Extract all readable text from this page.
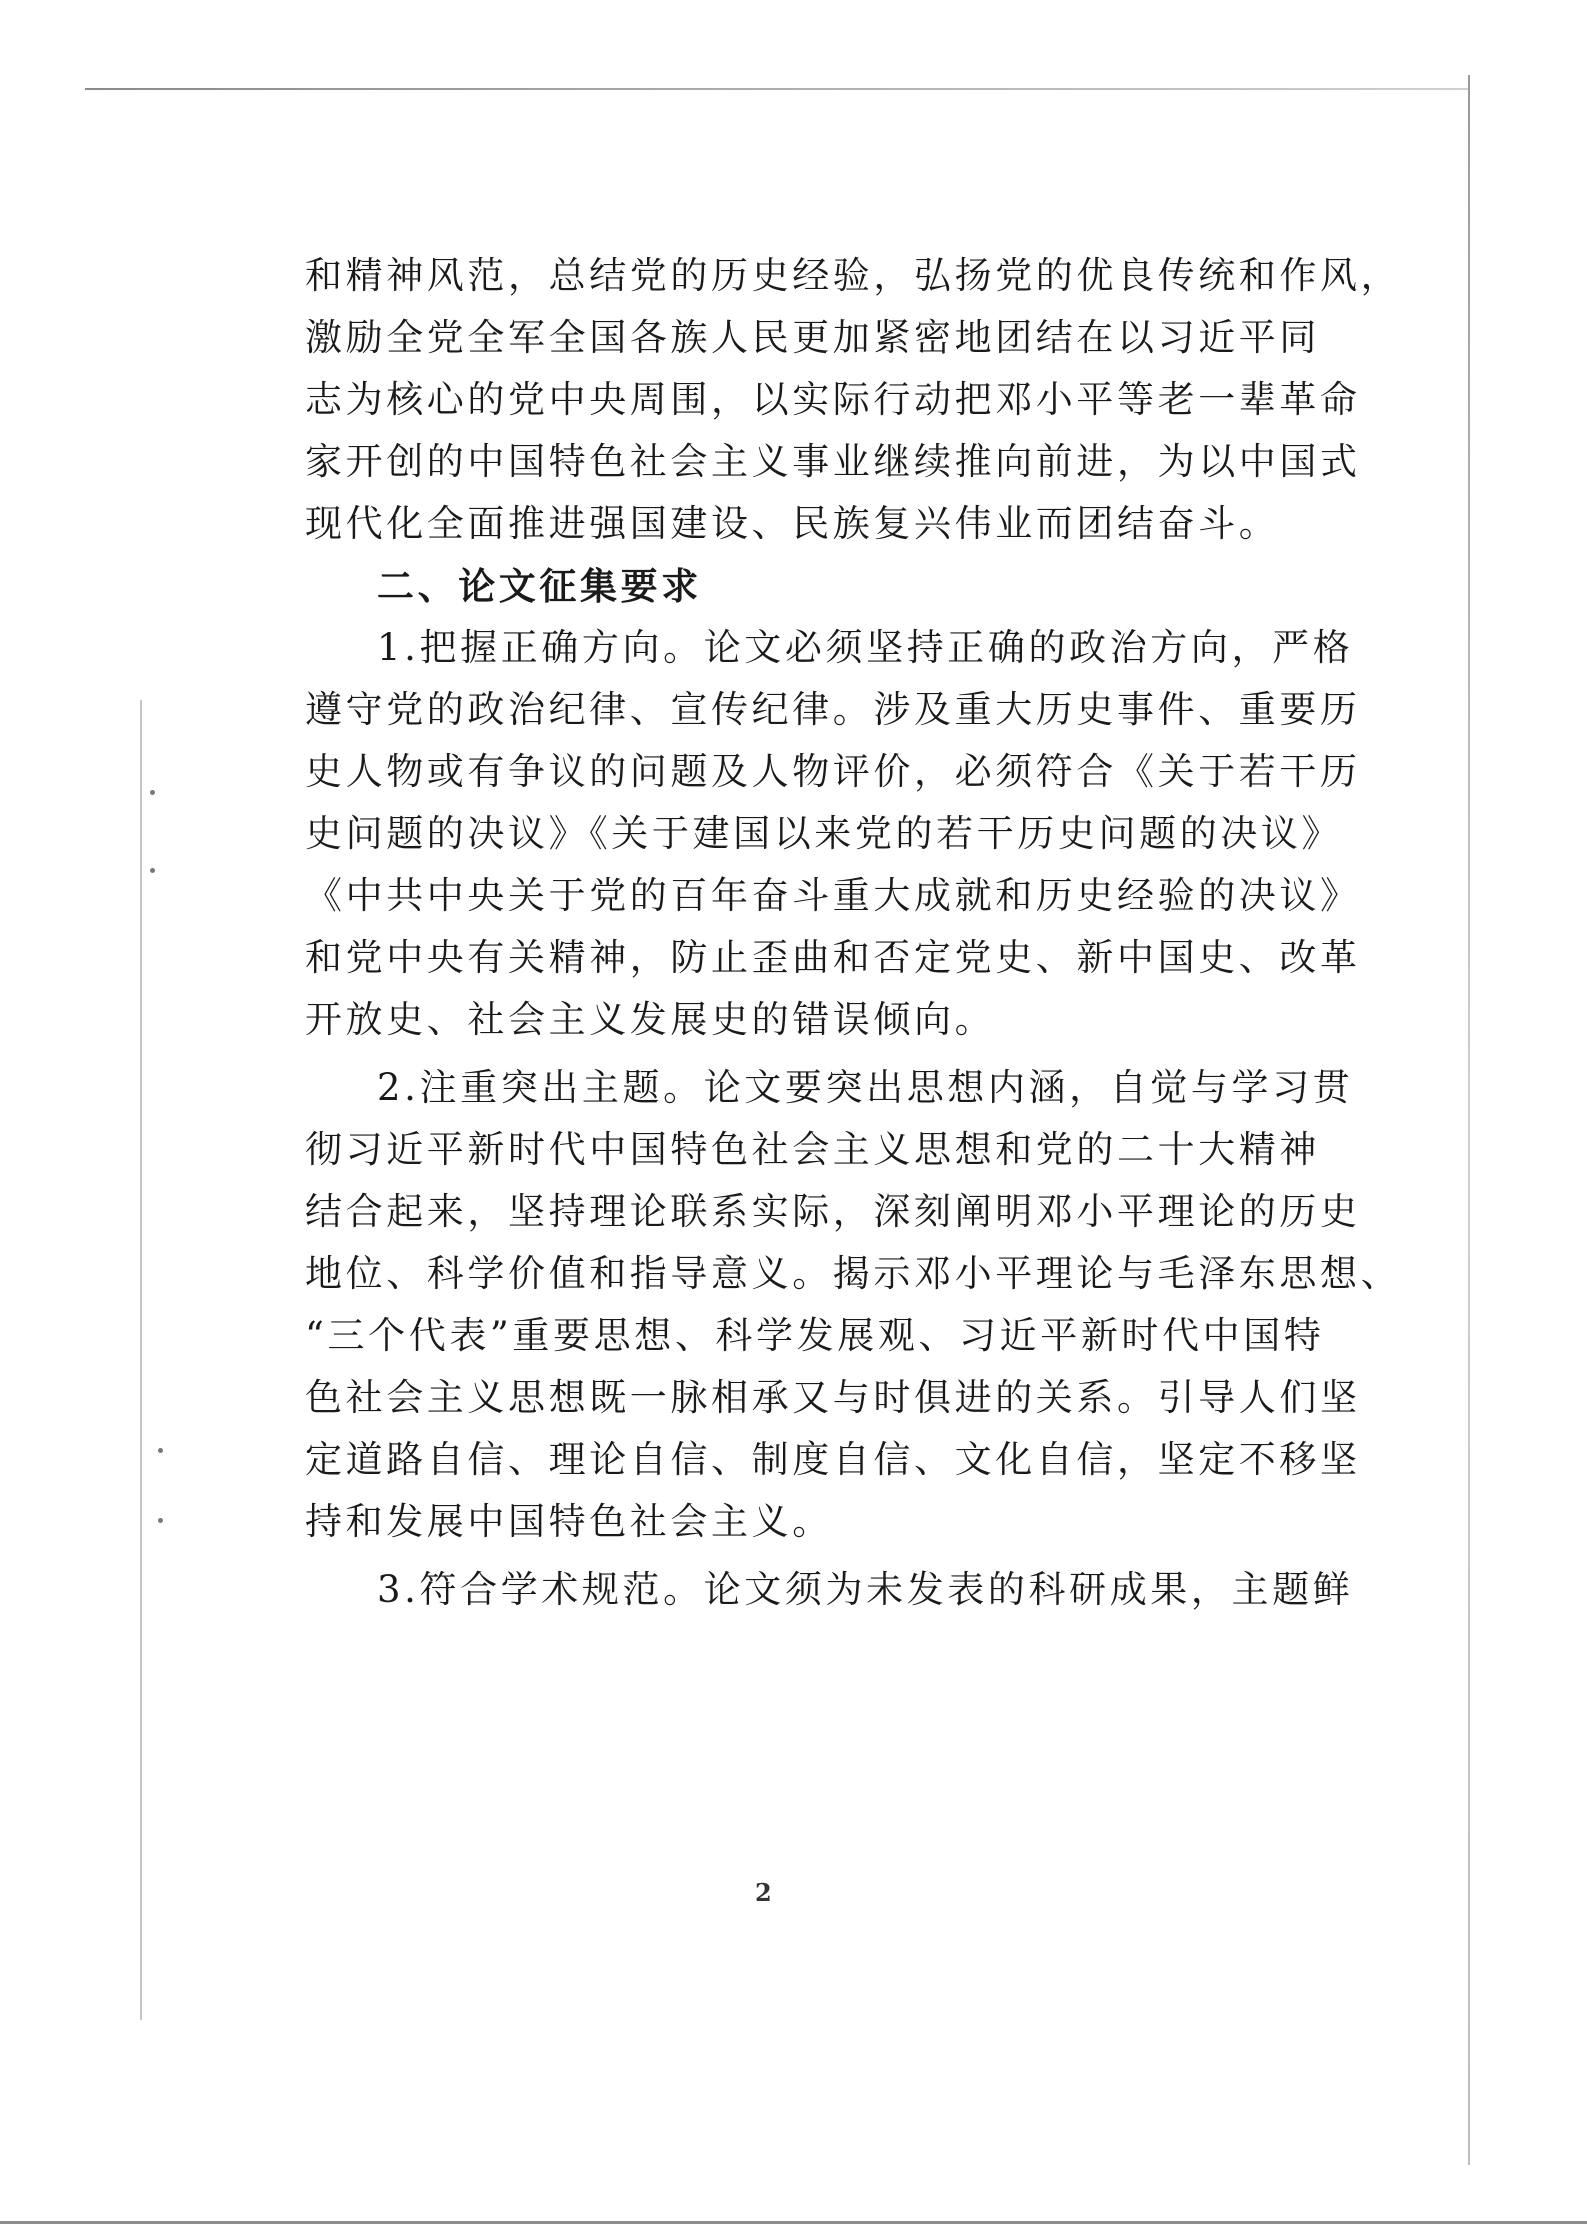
和精神风范，总结党的历史经验，弘扬党的优良传统和作风，

激励全党全军全国各族人民更加紧密地团结在以习近平同

志为核心的党中央周围，以实际行动把邓小平等老一辈革命

家开创的中国特色社会主义事业继续推向前进，为以中国式

现代化全面推进强国建设、民族复兴伟业而团结奋斗。

二、论文征集要求

1.把握正确方向。论文必须坚持正确的政治方向，严格

遵守党的政治纪律、宣传纪律。涉及重大历史事件、重要历

史人物或有争议的问题及人物评价，必须符合《关于若干历

史问题的决议》《关于建国以来党的若干历史问题的决议》

《中共中央关于党的百年奋斗重大成就和历史经验的决议》

和党中央有关精神，防止歪曲和否定党史、新中国史、改革

开放史、社会主义发展史的错误倾向。

2.注重突出主题。论文要突出思想内涵，自觉与学习贯

彻习近平新时代中国特色社会主义思想和党的二十大精神

结合起来，坚持理论联系实际，深刻阐明邓小平理论的历史

地位、科学价值和指导意义。揭示邓小平理论与毛泽东思想、

“三个代表”重要思想、科学发展观、习近平新时代中国特

色社会主义思想既一脉相承又与时俱进的关系。引导人们坚

定道路自信、理论自信、制度自信、文化自信，坚定不移坚

持和发展中国特色社会主义。

3.符合学术规范。论文须为未发表的科研成果，主题鲜

2
